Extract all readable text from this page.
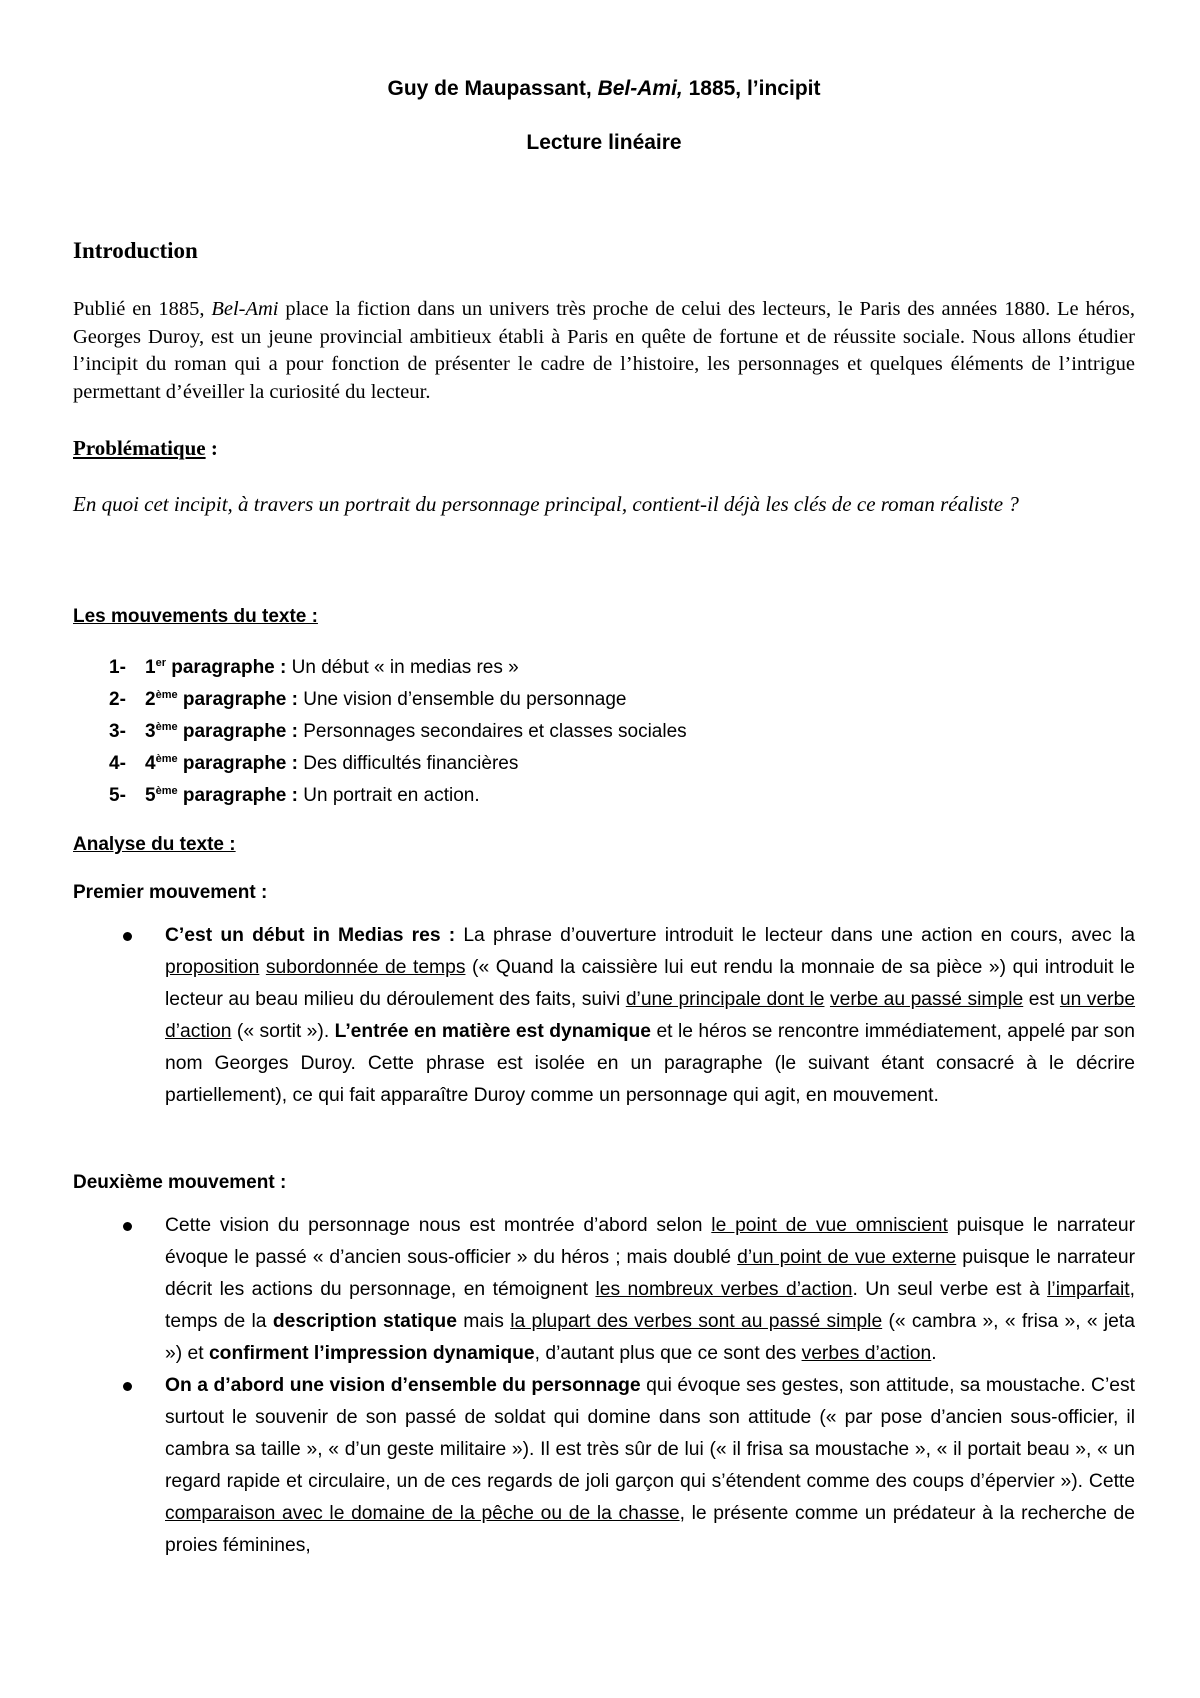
Guy de Maupassant, Bel-Ami, 1885, l’incipit
Lecture linéaire
Introduction
Publié en 1885, Bel-Ami place la fiction dans un univers très proche de celui des lecteurs, le Paris des années 1880. Le héros, Georges Duroy, est un jeune provincial ambitieux établi à Paris en quête de fortune et de réussite sociale. Nous allons étudier l’incipit du roman qui a pour fonction de présenter le cadre de l’histoire, les personnages et quelques éléments de l’intrigue permettant d’éveiller la curiosité du lecteur.
Problématique :
En quoi cet incipit, à travers un portrait du personnage principal, contient-il déjà les clés de ce roman réaliste ?
Les mouvements du texte :
1- 1er paragraphe : Un début « in medias res »
2- 2ème paragraphe : Une vision d’ensemble du personnage
3- 3ème paragraphe : Personnages secondaires et classes sociales
4- 4ème paragraphe : Des difficultés financières
5- 5ème paragraphe : Un portrait en action.
Analyse du texte :
Premier mouvement :
C’est un début in Medias res : La phrase d’ouverture introduit le lecteur dans une action en cours, avec la proposition subordonnée de temps (« Quand la caissière lui eut rendu la monnaie de sa pièce ») qui introduit le lecteur au beau milieu du déroulement des faits, suivi d’une principale dont le verbe au passé simple est un verbe d’action (« sortit »). L’entrée en matière est dynamique et le héros se rencontre immédiatement, appelé par son nom Georges Duroy. Cette phrase est isolée en un paragraphe (le suivant étant consacré à le décrire partiellement), ce qui fait apparaître Duroy comme un personnage qui agit, en mouvement.
Deuxième mouvement :
Cette vision du personnage nous est montrée d’abord selon le point de vue omniscient puisque le narrateur évoque le passé « d’ancien sous-officier » du héros ; mais doublé d’un point de vue externe puisque le narrateur décrit les actions du personnage, en témoignent les nombreux verbes d’action. Un seul verbe est à l’imparfait, temps de la description statique mais la plupart des verbes sont au passé simple (« cambra », « frisa », « jeta ») et confirment l’impression dynamique, d’autant plus que ce sont des verbes d’action.
On a d’abord une vision d’ensemble du personnage qui évoque ses gestes, son attitude, sa moustache. C’est surtout le souvenir de son passé de soldat qui domine dans son attitude (« par pose d’ancien sous-officier, il cambra sa taille », « d’un geste militaire »). Il est très sûr de lui (« il frisa sa moustache », « il portait beau », « un regard rapide et circulaire, un de ces regards de joli garçon qui s’étendent comme des coups d’épervier »). Cette comparaison avec le domaine de la pêche ou de la chasse, le présente comme un prédateur à la recherche de proies féminines,
